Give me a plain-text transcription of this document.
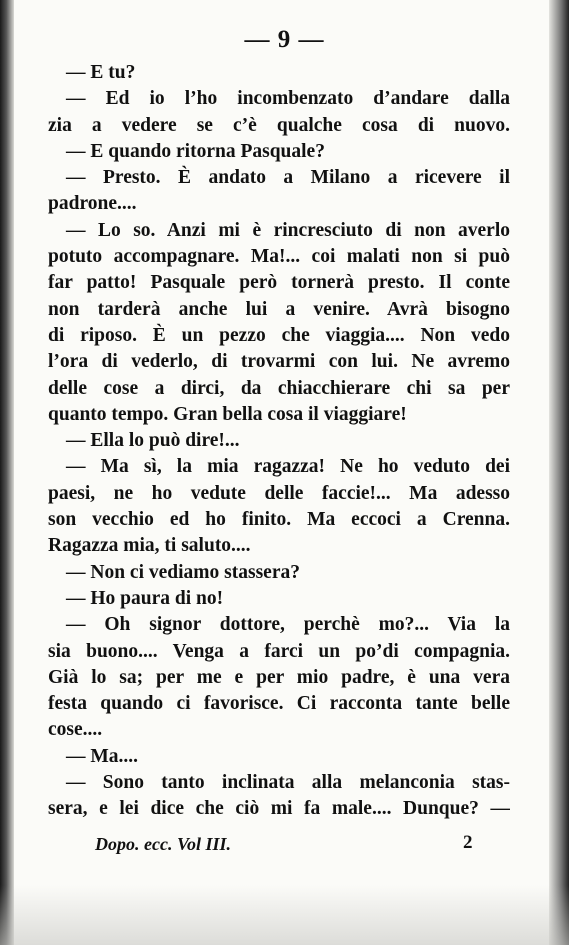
— 9 —
— E tu?
— Ed io l’ho incombenzato d’andare dalla
zia a vedere se c’è qualche cosa di nuovo.
— E quando ritorna Pasquale?
— Presto. È andato a Milano a ricevere il
padrone....
— Lo so. Anzi mi è rincresciuto di non averlo
potuto accompagnare. Ma!... coi malati non si può
far patto! Pasquale però tornerà presto. Il conte
non tarderà anche lui a venire. Avrà bisogno
di riposo. È un pezzo che viaggia.... Non vedo
l’ora di vederlo, di trovarmi con lui. Ne avremo
delle cose a dirci, da chiacchierare chi sa per
quanto tempo. Gran bella cosa il viaggiare!
— Ella lo può dire!...
— Ma sì, la mia ragazza! Ne ho veduto dei
paesi, ne ho vedute delle faccie!... Ma adesso
son vecchio ed ho finito. Ma eccoci a Crenna.
Ragazza mia, ti saluto....
— Non ci vediamo stassera?
— Ho paura di no!
— Oh signor dottore, perchè mo?... Via la
sia buono.... Venga a farci un po’di compagnia.
Già lo sa; per me e per mio padre, è una vera
festa quando ci favorisce. Ci racconta tante belle
cose....
— Ma....
— Sono tanto inclinata alla melanconia stas-
sera, e lei dice che ciò mi fa male.... Dunque? —
Dopo. ecc. Vol III.	2
